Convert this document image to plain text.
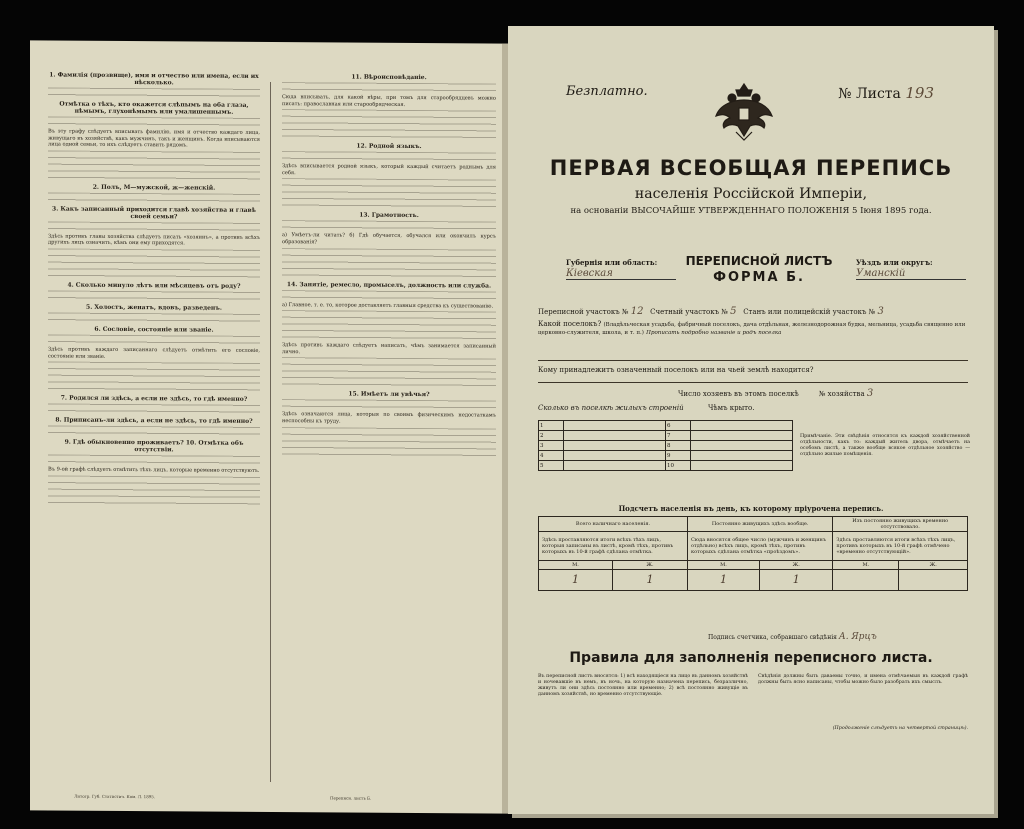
1. Фамилія (прозвище), имя и отчество или имена, если их нѣсколько.

Отмѣтка о тѣхъ, кто окажется слѣпымъ на оба глаза, нѣмымъ, глухонѣмымъ или умалишеннымъ.

Въ эту графу слѣдуетъ вписывать фамилію, имя и отчество каждаго лица, живущаго въ хозяйствѣ, какъ мужчинъ, такъ и женщинъ. Когда вписываются лица одной семьи, то ихъ слѣдуетъ ставить рядомъ.

2. Полъ, М—мужской, ж—женскій.

3. Какъ записанный приходится главѣ хозяйства и главѣ своей семьи?

Здѣсь противъ главы хозяйства слѣдуетъ писать «хозяинъ», а противъ всѣхъ другихъ лицъ означить, кѣмъ они ему приходятся.

4. Сколько минуло лѣтъ или мѣсяцевъ отъ роду?

5. Холостъ, женатъ, вдовъ, разведенъ.

6. Сословіе, состояніе или званіе.

Здѣсь противъ каждаго записаннаго слѣдуетъ отмѣтить его сословіе, состояніе или званіе.

7. Родился ли здѣсь, а если не здѣсь, то гдѣ именно?

8. Приписанъ-ли здѣсь, а если не здѣсь, то гдѣ именно?

9. Гдѣ обыкновенно проживаетъ? 10. Отмѣтка объ отсутствіи.

Въ 9-ой графѣ слѣдуетъ отмѣтить тѣхъ лицъ, которые временно отсутствуютъ.

11. Вѣроисповѣданіе.

Сюда вписывать, для какой вѣры, при томъ для старообрядцевъ можно писать: православная или старообрядческая.

12. Родной языкъ.

Здѣсь вписывается родной языкъ, который каждый считаетъ роднымъ для себя.

13. Грамотность.

а) Умѣетъ-ли читать? б) Гдѣ обучается, обучался или окончилъ курсъ образованія?

14. Занятіе, ремесло, промыселъ, должность или служба.

а) Главное, т. е. то, которое доставляетъ главныя средства къ существованію.

Здѣсь противъ каждаго слѣдуетъ написать, чѣмъ занимается записанный лично.

15. Имѣетъ ли увѣчья?

Здѣсь означаются лица, которыя по своимъ физическимъ недостаткамъ неспособны къ труду.

Литогр. Губ. Статистич. Ком. Л. 1895.	Переписн. листъ Б.
Безплатно.	№ Листа 193
ПЕРВАЯ ВСЕОБЩАЯ ПЕРЕПИСЬ
населенія Россійской Имперіи,
на основаніи ВЫСОЧАЙШЕ УТВЕРЖДЕННАГО ПОЛОЖЕНІЯ 5 Іюня 1895 года.
Губернія или область:
Кіевская
ПЕРЕПИСНОЙ ЛИСТЪ
ФОРМА Б.
Уѣздъ или округъ:
Уманскій
Переписной участокъ № 12 Счетный участокъ № 5 Станъ или полицейскій участокъ № 3
Какой поселокъ? (Владѣльческая усадьба, фабричный поселокъ, дача отдѣльная, железнодорожная будка, мельница, усадьба священно или церковно-служителя, школа, и т. п.) Прописать подробно названіе и родъ поселка
Кому принадлежитъ означенный поселокъ или на чьей землѣ находится?
Число хозяевъ въ этомъ поселкѣ	№ хозяйства 3
Сколько въ поселкѣ жилыхъ строеній	Чѣмъ крыто.
1		6	
2		7	
3		8	
4		9	
5		10	
Примѣчаніе. Эти свѣдѣнія относятся къ каждой хозяйственной отдѣльности, какъ то: каждый житель двора, отмѣчаетъ на особомъ листѣ, а также вообще всякое отдѣльное хозяйство — отдѣльно жилые помѣщенія.
Подсчетъ населенія въ день, къ которому пріурочена перепись.
Всего наличнаго населенія.		Постоянно живущихъ здѣсь вообще.		Изъ постоянно живущихъ временно отсутствовало.	
Здѣсь проставляются итоги всѣхъ тѣхъ лицъ, которыя записаны въ листѣ, кромѣ тѣхъ, противъ которыхъ въ 10-й графѣ сдѣлана отмѣтка.		Сюда вносятся общее число (мужчинъ и женщинъ отдѣльно) всѣхъ лицъ, кромѣ тѣхъ, противъ которыхъ сдѣлана отмѣтка «проѣздомъ».		Здѣсь проставляются итоги всѣхъ тѣхъ лицъ, противъ которыхъ въ 10-й графѣ отмѣчено «временно отсутствующій».	
М.	Ж.	М.	Ж.	М.	Ж.
1	1	1	1		
Подпись счетчика, собравшаго свѣдѣнія А. Ярцъ
Правила для заполненія переписного листа.
Въ переписной листъ вносятся: 1) всѣ находящіеся на лицо въ данномъ хозяйствѣ и ночевавшіе въ немъ, въ ночь, на которую назначена перепись, безразлично, живутъ ли они здѣсь постоянно или временно; 2) всѣ постоянно живущіе въ данномъ хозяйствѣ, но временно отсутствующіе.
Свѣдѣнія должны быть даваемы точно, и имена отмѣчаемыя въ каждой графѣ должны быть ясно написаны, чтобы можно было разобрать ихъ смыслъ.
(Продолженіе слѣдуетъ на четвертой страницѣ).
